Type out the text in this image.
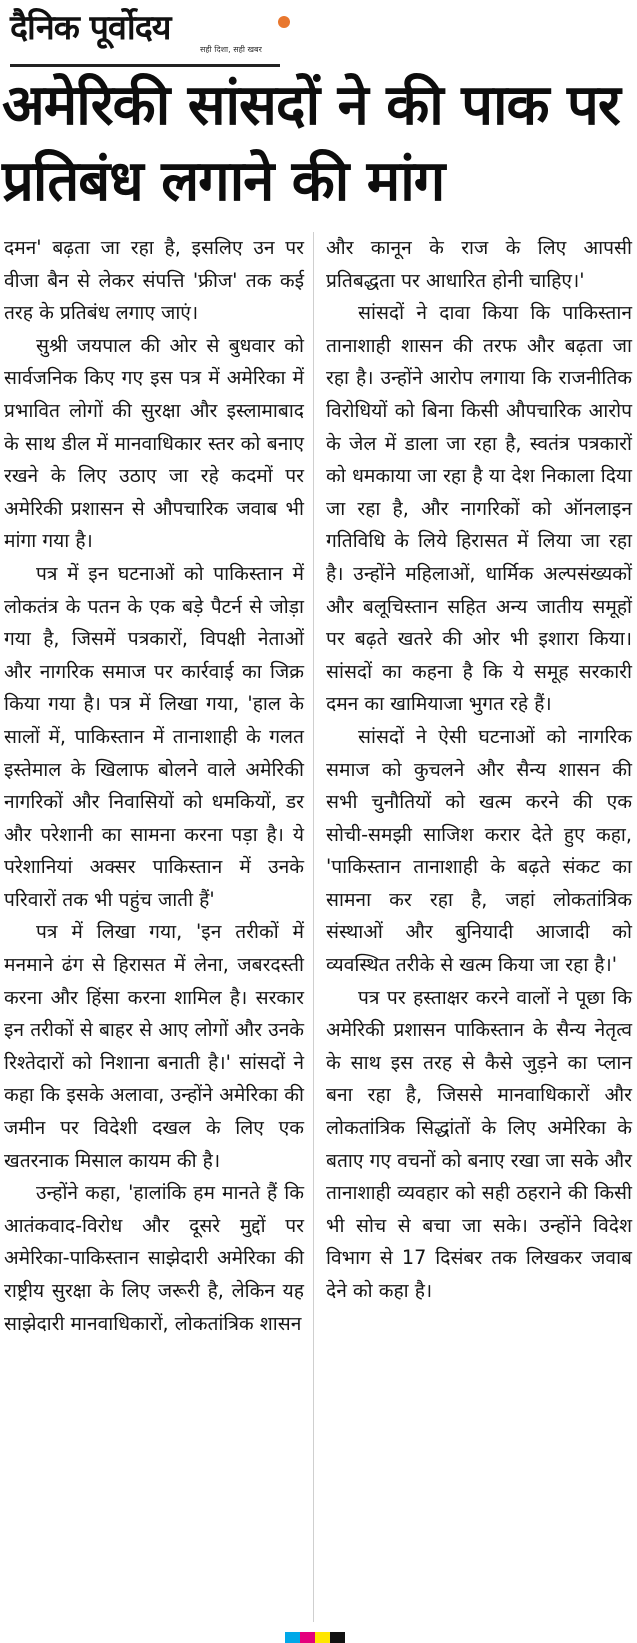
दैनिक पूर्वोदय
सही दिशा, सही खबर
अमेरिकी सांसदों ने की पाक पर प्रतिबंध लगाने की मांग

दमन' बढ़ता जा रहा है, इसलिए उन पर वीजा बैन से लेकर संपत्ति 'फ्रीज' तक कई तरह के प्रतिबंध लगाए जाएं।

सुश्री जयपाल की ओर से बुधवार को सार्वजनिक किए गए इस पत्र में अमेरिका में प्रभावित लोगों की सुरक्षा और इस्लामाबाद के साथ डील में मानवाधिकार स्तर को बनाए रखने के लिए उठाए जा रहे कदमों पर अमेरिकी प्रशासन से औपचारिक जवाब भी मांगा गया है।

पत्र में इन घटनाओं को पाकिस्तान में लोकतंत्र के पतन के एक बड़े पैटर्न से जोड़ा गया है, जिसमें पत्रकारों, विपक्षी नेताओं और नागरिक समाज पर कार्रवाई का जिक्र किया गया है। पत्र में लिखा गया, 'हाल के सालों में, पाकिस्तान में तानाशाही के गलत इस्तेमाल के खिलाफ बोलने वाले अमेरिकी नागरिकों और निवासियों को धमकियों, डर और परेशानी का सामना करना पड़ा है। ये परेशानियां अक्सर पाकिस्तान में उनके परिवारों तक भी पहुंच जाती हैं'

पत्र में लिखा गया, 'इन तरीकों में मनमाने ढंग से हिरासत में लेना, जबरदस्ती करना और हिंसा करना शामिल है। सरकार इन तरीकों से बाहर से आए लोगों और उनके रिश्तेदारों को निशाना बनाती है।' सांसदों ने कहा कि इसके अलावा, उन्होंने अमेरिका की जमीन पर विदेशी दखल के लिए एक खतरनाक मिसाल कायम की है।

उन्होंने कहा, 'हालांकि हम मानते हैं कि आतंकवाद-विरोध और दूसरे मुद्दों पर अमेरिका-पाकिस्तान साझेदारी अमेरिका की राष्ट्रीय सुरक्षा के लिए जरूरी है, लेकिन यह साझेदारी मानवाधिकारों, लोकतांत्रिक शासन

और कानून के राज के लिए आपसी प्रतिबद्धता पर आधारित होनी चाहिए।'

सांसदों ने दावा किया कि पाकिस्तान तानाशाही शासन की तरफ और बढ़ता जा रहा है। उन्होंने आरोप लगाया कि राजनीतिक विरोधियों को बिना किसी औपचारिक आरोप के जेल में डाला जा रहा है, स्वतंत्र पत्रकारों को धमकाया जा रहा है या देश निकाला दिया जा रहा है, और नागरिकों को ऑनलाइन गतिविधि के लिये हिरासत में लिया जा रहा है। उन्होंने महिलाओं, धार्मिक अल्पसंख्यकों और बलूचिस्तान सहित अन्य जातीय समूहों पर बढ़ते खतरे की ओर भी इशारा किया। सांसदों का कहना है कि ये समूह सरकारी दमन का खामियाजा भुगत रहे हैं।

सांसदों ने ऐसी घटनाओं को नागरिक समाज को कुचलने और सैन्य शासन की सभी चुनौतियों को खत्म करने की एक सोची-समझी साजिश करार देते हुए कहा, 'पाकिस्तान तानाशाही के बढ़ते संकट का सामना कर रहा है, जहां लोकतांत्रिक संस्थाओं और बुनियादी आजादी को व्यवस्थित तरीके से खत्म किया जा रहा है।'

पत्र पर हस्ताक्षर करने वालों ने पूछा कि अमेरिकी प्रशासन पाकिस्तान के सैन्य नेतृत्व के साथ इस तरह से कैसे जुड़ने का प्लान बना रहा है, जिससे मानवाधिकारों और लोकतांत्रिक सिद्धांतों के लिए अमेरिका के बताए गए वचनों को बनाए रखा जा सके और तानाशाही व्यवहार को सही ठहराने की किसी भी सोच से बचा जा सके। उन्होंने विदेश विभाग से 17 दिसंबर तक लिखकर जवाब देने को कहा है।
